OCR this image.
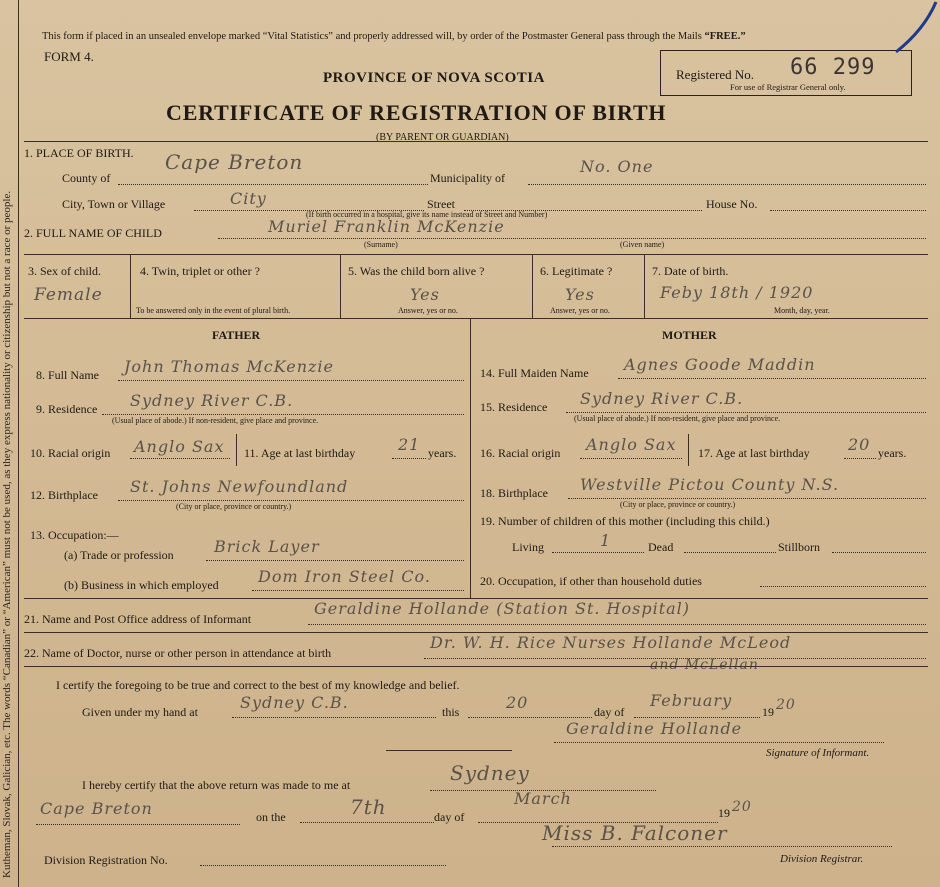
Kutheman, Slovak, Galician, etc. The words “Canadian” or “American” must not be used, as they express nationality or citizenship but not a race or people.
This form if placed in an unsealed envelope marked “Vital Statistics” and properly addressed will, by order of the Postmaster General pass through the Mails “FREE.”
FORM 4.
PROVINCE OF NOVA SCOTIA
CERTIFICATE OF REGISTRATION OF BIRTH
(BY PARENT OR GUARDIAN)
Registered No. 66 299
For use of Registrar General only.
1. PLACE OF BIRTH.
County of
Cape Breton
Municipality of
No. One
City, Town or Village	City	Street	House No.
(If birth occurred in a hospital, give its name instead of Street and Number)
2. FULL NAME OF CHILD	Muriel Franklin McKenzie
(Surname)	(Given name)
3. Sex of child.
Female
4. Twin, triplet or other ?
To be answered only in the event of plural birth.
5. Was the child born alive ?
Yes
Answer, yes or no.
6. Legitimate ?
Yes
Answer, yes or no.
7. Date of birth.
Feby 18th / 1920
Month, day, year.
FATHER
8. Full Name John Thomas McKenzie
9. Residence Sydney River C.B.
(Usual place of abode.) If non-resident, give place and province.
10. Racial origin Anglo Sax 11. Age at last birthday	21 years.
12. Birthplace St. Johns Newfoundland
(City or place, province or country.)
13. Occupation:—
(a) Trade or profession	Brick Layer
(b) Business in which employed Dom Iron Steel Co.
MOTHER
14. Full Maiden Name Agnes Goode Maddin
15. Residence Sydney River C.B.
(Usual place of abode.) If non-resident, give place and province.
16. Racial origin Anglo Sax 17. Age at last birthday 20 years.
18. Birthplace Westville Pictou County N.S.
(City or place, province or country.)
19. Number of children of this mother (including this child.)
Living	1	Dead	Stillborn
20. Occupation, if other than household duties
21. Name and Post Office address of Informant
Geraldine Hollande (Station St. Hospital)
22. Name of Doctor, nurse or other person in attendance at birth
Dr. W. H. Rice Nurses Hollande McLeod
and McLellan
I certify the foregoing to be true and correct to the best of my knowledge and belief.
Given under my hand at	Sydney C.B.	this	20	day of
February
19 20
Geraldine Hollande
Signature of Informant.
I hereby certify that the above return was made to me at	Sydney
Cape Breton	on the	7th	day of
March
19 20
Miss B. Falconer
Division Registration No.	Division Registrar.
